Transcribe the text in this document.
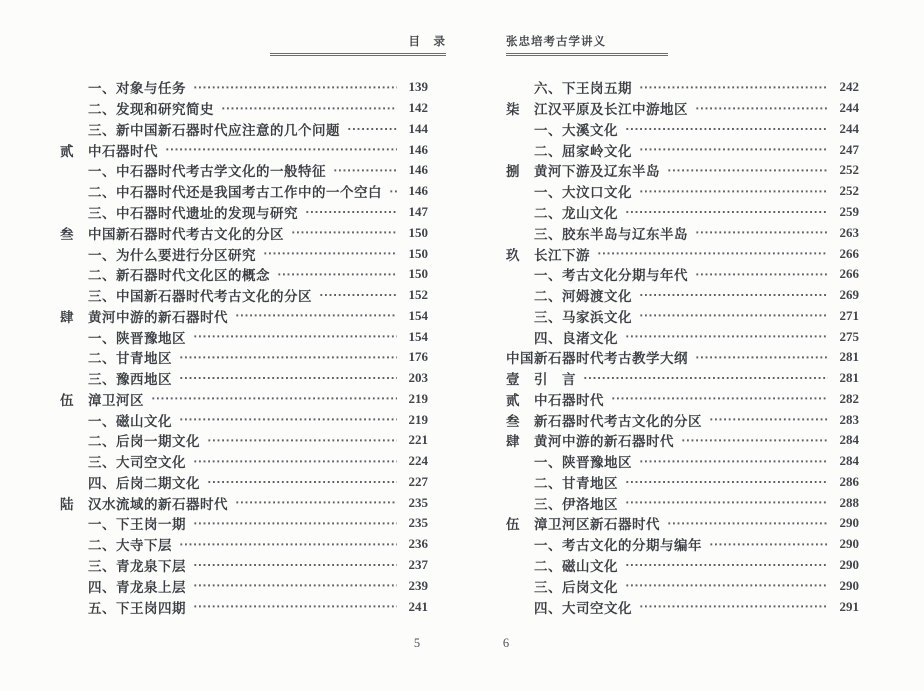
目　录	张忠培考古学讲义
一、对象与任务	139
二、发现和研究简史	142
三、新中国新石器时代应注意的几个问题	144
贰	中石器时代	146
一、中石器时代考古学文化的一般特征	146
二、中石器时代还是我国考古工作中的一个空白	146
三、中石器时代遗址的发现与研究	147
叁	中国新石器时代考古文化的分区	150
一、为什么要进行分区研究	150
二、新石器时代文化区的概念	150
三、中国新石器时代考古文化的分区	152
肆	黄河中游的新石器时代	154
一、陕晋豫地区	154
二、甘青地区	176
三、豫西地区	203
伍	漳卫河区	219
一、磁山文化	219
二、后岗一期文化	221
三、大司空文化	224
四、后岗二期文化	227
陆	汉水流域的新石器时代	235
一、下王岗一期	235
二、大寺下层	236
三、青龙泉下层	237
四、青龙泉上层	239
五、下王岗四期	241
六、下王岗五期	242
柒	江汉平原及长江中游地区	244
一、大溪文化	244
二、屈家岭文化	247
捌	黄河下游及辽东半岛	252
一、大汶口文化	252
二、龙山文化	259
三、胶东半岛与辽东半岛	263
玖	长江下游	266
一、考古文化分期与年代	266
二、河姆渡文化	269
三、马家浜文化	271
四、良渚文化	275
中国新石器时代考古教学大纲	281
壹	引　言	281
贰	中石器时代	282
叁	新石器时代考古文化的分区	283
肆	黄河中游的新石器时代	284
一、陕晋豫地区	284
二、甘青地区	286
三、伊洛地区	288
伍	漳卫河区新石器时代	290
一、考古文化的分期与编年	290
二、磁山文化	290
三、后岗文化	290
四、大司空文化	291
5	6
